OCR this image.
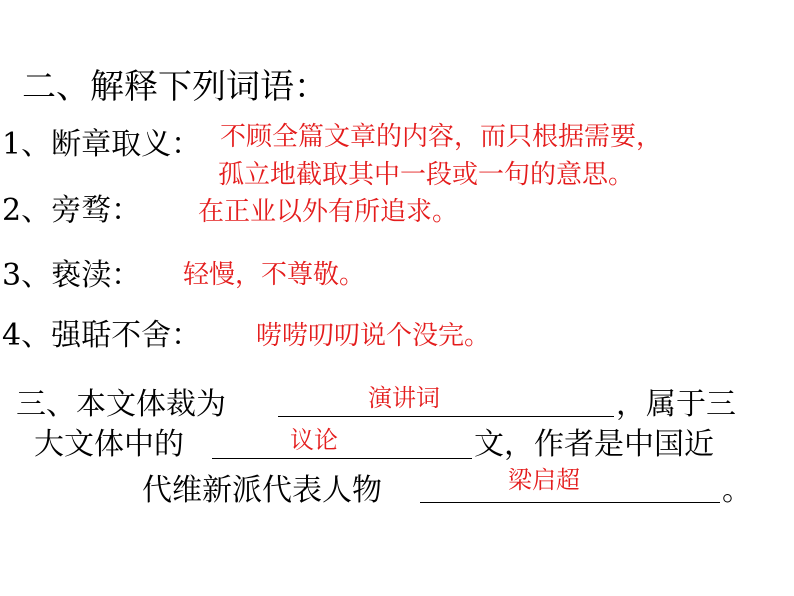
二、解释下列词语：
1、断章取义： 不顾全篇文章的内容，而只根据需要，
孤立地截取其中一段或一句的意思。
2、旁骛： 在正业以外有所追求。
3、亵渎： 轻慢，不尊敬。
4、强聒不舍： 唠唠叨叨说个没完。
三、本文体裁为	演讲词	，属于三
大文体中的	议论	文，作者是中国近
代维新派代表人物	梁启超	。
